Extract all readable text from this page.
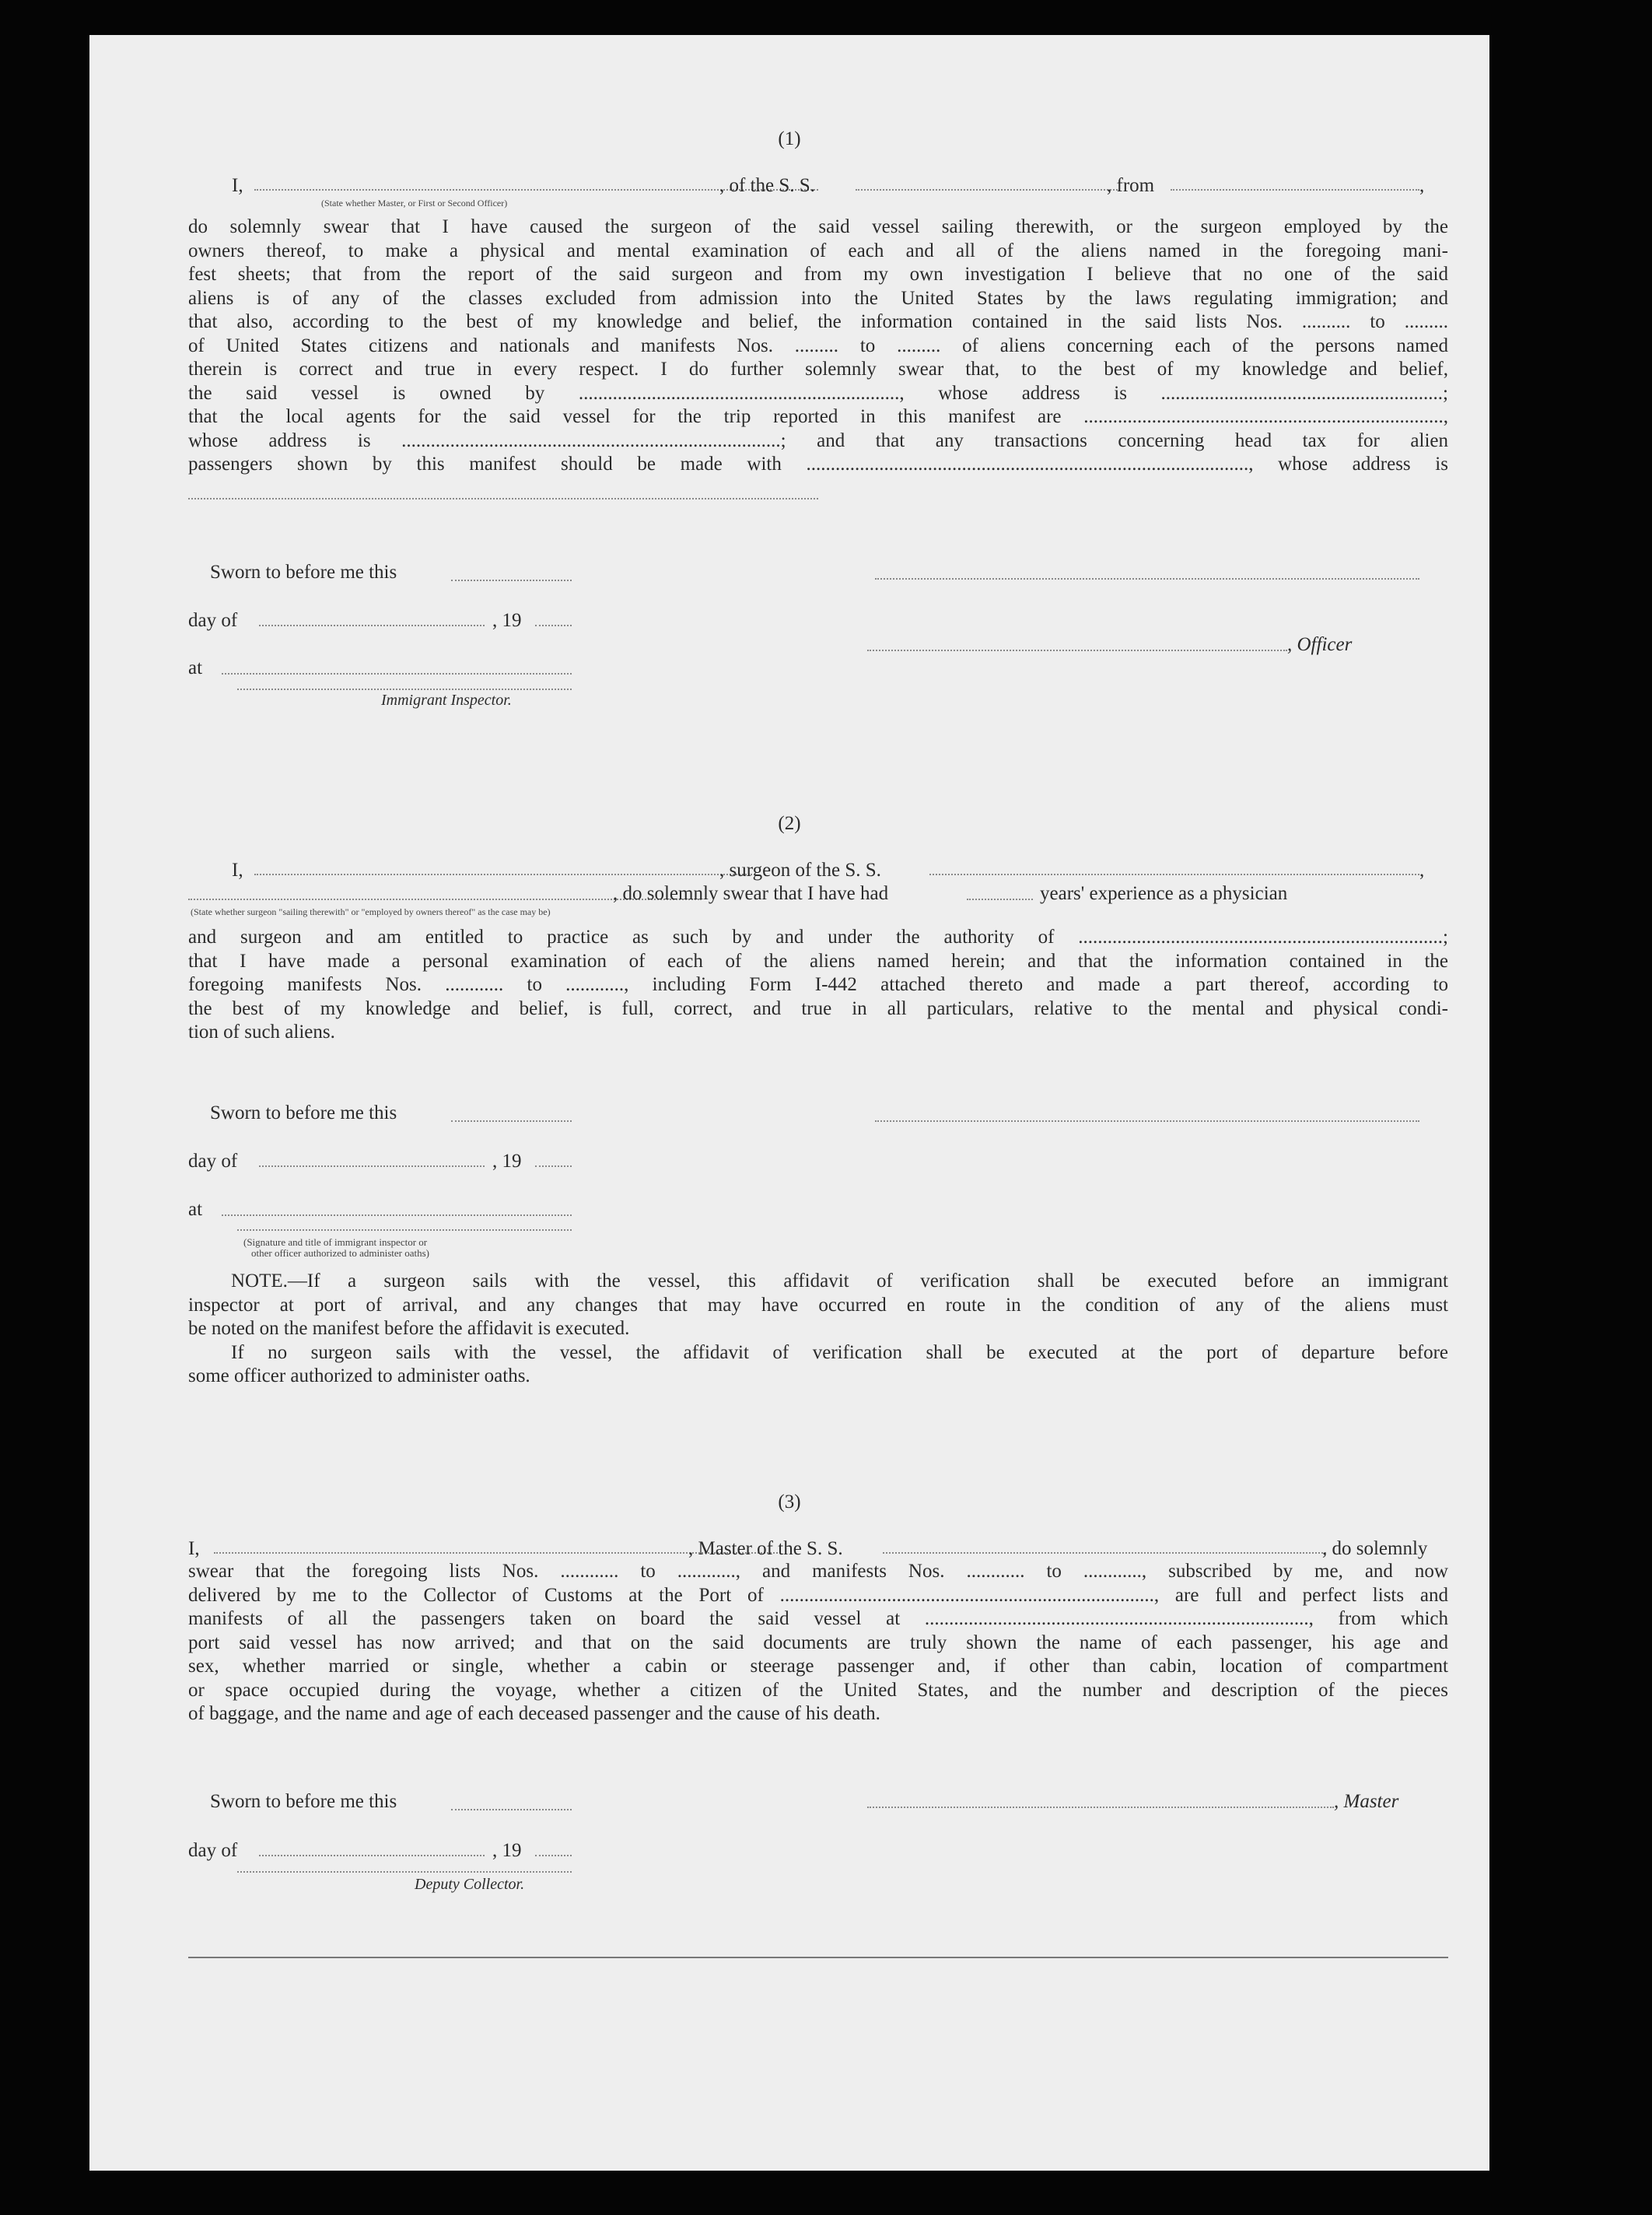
(1)
I,	, of the S. S.	, from	,
(State whether Master, or First or Second Officer)
do solemnly swear that I have caused the surgeon of the said vessel sailing therewith, or the surgeon employed by the
owners thereof, to make a physical and mental examination of each and all of the aliens named in the foregoing mani-
fest sheets; that from the report of the said surgeon and from my own investigation I believe that no one of the said
aliens is of any of the classes excluded from admission into the United States by the laws regulating immigration; and
that also, according to the best of my knowledge and belief, the information contained in the said lists Nos. .......... to .........
of United States citizens and nationals and manifests Nos. ......... to ......... of aliens concerning each of the persons named
therein is correct and true in every respect. I do further solemnly swear that, to the best of my knowledge and belief,
the said vessel is owned by .................................................................., whose address is ..........................................................;
that the local agents for the said vessel for the trip reported in this manifest are ..........................................................................,
whose address is ..............................................................................; and that any transactions concerning head tax for alien
passengers shown by this manifest should be made with ..........................................................................................., whose address is
Sworn to before me this
day of	, 19
, Officer
at
Immigrant Inspector.
(2)
I,	, surgeon of the S. S.	,
, do solemnly swear that I have had	years' experience as a physician
(State whether surgeon "sailing therewith" or "employed by owners thereof" as the case may be)
and surgeon and am entitled to practice as such by and under the authority of ...........................................................................;
that I have made a personal examination of each of the aliens named herein; and that the information contained in the
foregoing manifests Nos. ............ to ............, including Form I-442 attached thereto and made a part thereof, according to
the best of my knowledge and belief, is full, correct, and true in all particulars, relative to the mental and physical condi-
tion of such aliens.
Sworn to before me this
day of	, 19
at
(Signature and title of immigrant inspector or
other officer authorized to administer oaths)
NOTE.—If a surgeon sails with the vessel, this affidavit of verification shall be executed before an immigrant
inspector at port of arrival, and any changes that may have occurred en route in the condition of any of the aliens must
be noted on the manifest before the affidavit is executed.
If no surgeon sails with the vessel, the affidavit of verification shall be executed at the port of departure before
some officer authorized to administer oaths.
(3)
I,	, Master of the S. S.	, do solemnly
swear that the foregoing lists Nos. ............ to ............, and manifests Nos. ............ to ............, subscribed by me, and now
delivered by me to the Collector of Customs at the Port of ............................................................................., are full and perfect lists and
manifests of all the passengers taken on board the said vessel at ..............................................................................., from which
port said vessel has now arrived; and that on the said documents are truly shown the name of each passenger, his age and
sex, whether married or single, whether a cabin or steerage passenger and, if other than cabin, location of compartment
or space occupied during the voyage, whether a citizen of the United States, and the number and description of the pieces
of baggage, and the name and age of each deceased passenger and the cause of his death.
Sworn to before me this	, Master
day of	, 19
Deputy Collector.
